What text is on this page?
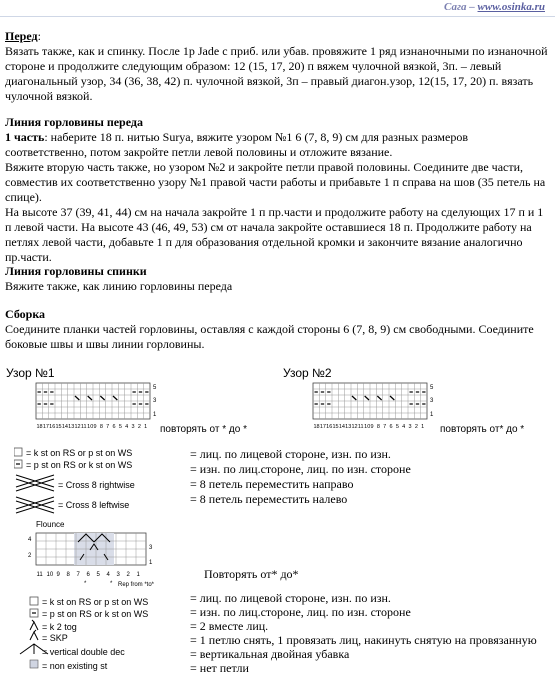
Сага – www.osinka.ru
Перед:
Вязать также, как и спинку. После 1р Jade с приб. или убав. провяжите 1 ряд изнаночными по изнаночной стороне и продолжите следующим образом: 12 (15, 17, 20) п вяжем чулочной вязкой, 3п. – левый диагональный узор, 34 (36, 38, 42) п. чулочной вязкой, 3п – правый диагон.узор, 12(15, 17, 20) п. вязать чулочной вязкой.
Линия горловины переда
1 часть: наберите 18 п. нитью Surya, вяжите узором №1 6 (7, 8, 9) см для разных размеров соответственно, потом закройте петли левой половины и отложите вязание.
Вяжите вторую часть также, но узором №2 и закройте петли правой половины. Соедините две части, совместив их соответственно узору №1 правой части работы и прибавьте 1 п справа на шов (35 петель на спице).
На высоте 37 (39, 41, 44) см на начала закройте 1 п пр.части и продолжите работу на сделующих 17 п и 1 п левой части. На высоте 43 (46, 49, 53) см от начала закройте оставшиеся 18 п. Продолжите работу на петлях левой части, добавьте 1 п для образования отдельной кромки и закончите вязание аналогично пр.части.
Линия горловины спинки
Вяжите также, как линию горловины переда
Сборка
Соедините планки частей горловины, оставляя с каждой стороны 6 (7, 8, 9) см свободными. Соедините боковые швы и швы линии горловины.
Узор №1
5
3
1
18 17 16 15 14 13 12 11 10 9 8 7 6 5 4 3 2 1 повторять от * до *
Узор №2
5
3
1
18 17 16 15 14 13 12 11 10 9 8 7 6 5 4 3 2 1 повторять от* до *
= k st on RS or p st on WS
= p st on RS or k st on WS
= Cross 8 rightwise
= Cross 8 leftwise
= лиц. по лицевой стороне, изн. по изн.
= изн. по лиц.стороне, лиц. по изн. стороне
= 8 петель переместить направо
= 8 петель переместить налево
Flounce
4
2
3
1
11 10 9 8 7 6 5 4 3 2 1
*	* Rep from *to*
Повторять от* до*
= k st on RS or p st on WS
= p st on RS or k st on WS
= k 2 tog
= SKP
= vertical double dec
= non existing st
= лиц. по лицевой стороне, изн. по изн.
= изн. по лиц.стороне, лиц. по изн. стороне
= 2 вместе лиц.
= 1 петлю снять, 1 провязать лиц, накинуть снятую на провязанную
= вертикальная двойная убавка
= нет петли
